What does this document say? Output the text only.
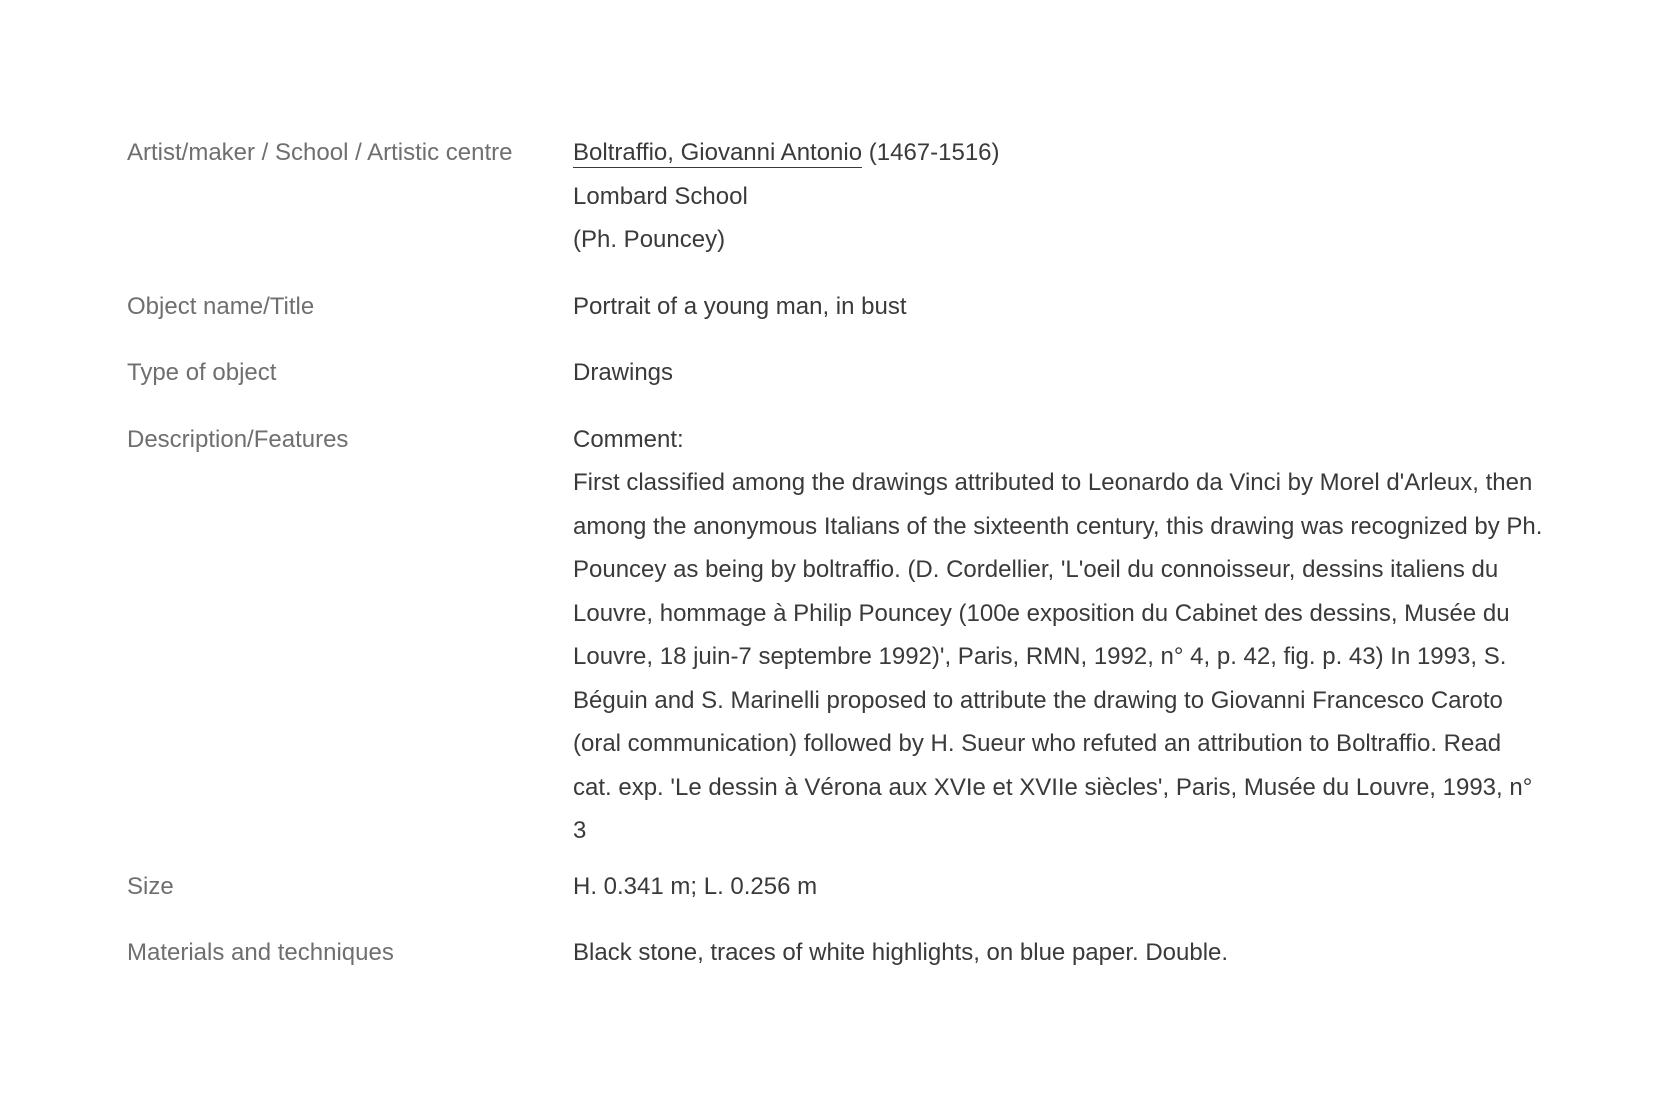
Artist/maker / School / Artistic centre	Boltraffio, Giovanni Antonio (1467-1516)
Lombard School
(Ph. Pouncey)
Object name/Title	Portrait of a young man, in bust
Type of object	Drawings
Description/Features	Comment:
First classified among the drawings attributed to Leonardo da Vinci by Morel d'Arleux, then among the anonymous Italians of the sixteenth century, this drawing was recognized by Ph. Pouncey as being by boltraffio. (D. Cordellier, 'L'oeil du connoisseur, dessins italiens du Louvre, hommage à Philip Pouncey (100e exposition du Cabinet des dessins, Musée du Louvre, 18 juin-7 septembre 1992)', Paris, RMN, 1992, n° 4, p. 42, fig. p. 43) In 1993, S. Béguin and S. Marinelli proposed to attribute the drawing to Giovanni Francesco Caroto (oral communication) followed by H. Sueur who refuted an attribution to Boltraffio. Read cat. exp. 'Le dessin à Vérona aux XVIe et XVIIe siècles', Paris, Musée du Louvre, 1993, n° 3
Size	H. 0.341 m; L. 0.256 m
Materials and techniques	Black stone, traces of white highlights, on blue paper. Double.
